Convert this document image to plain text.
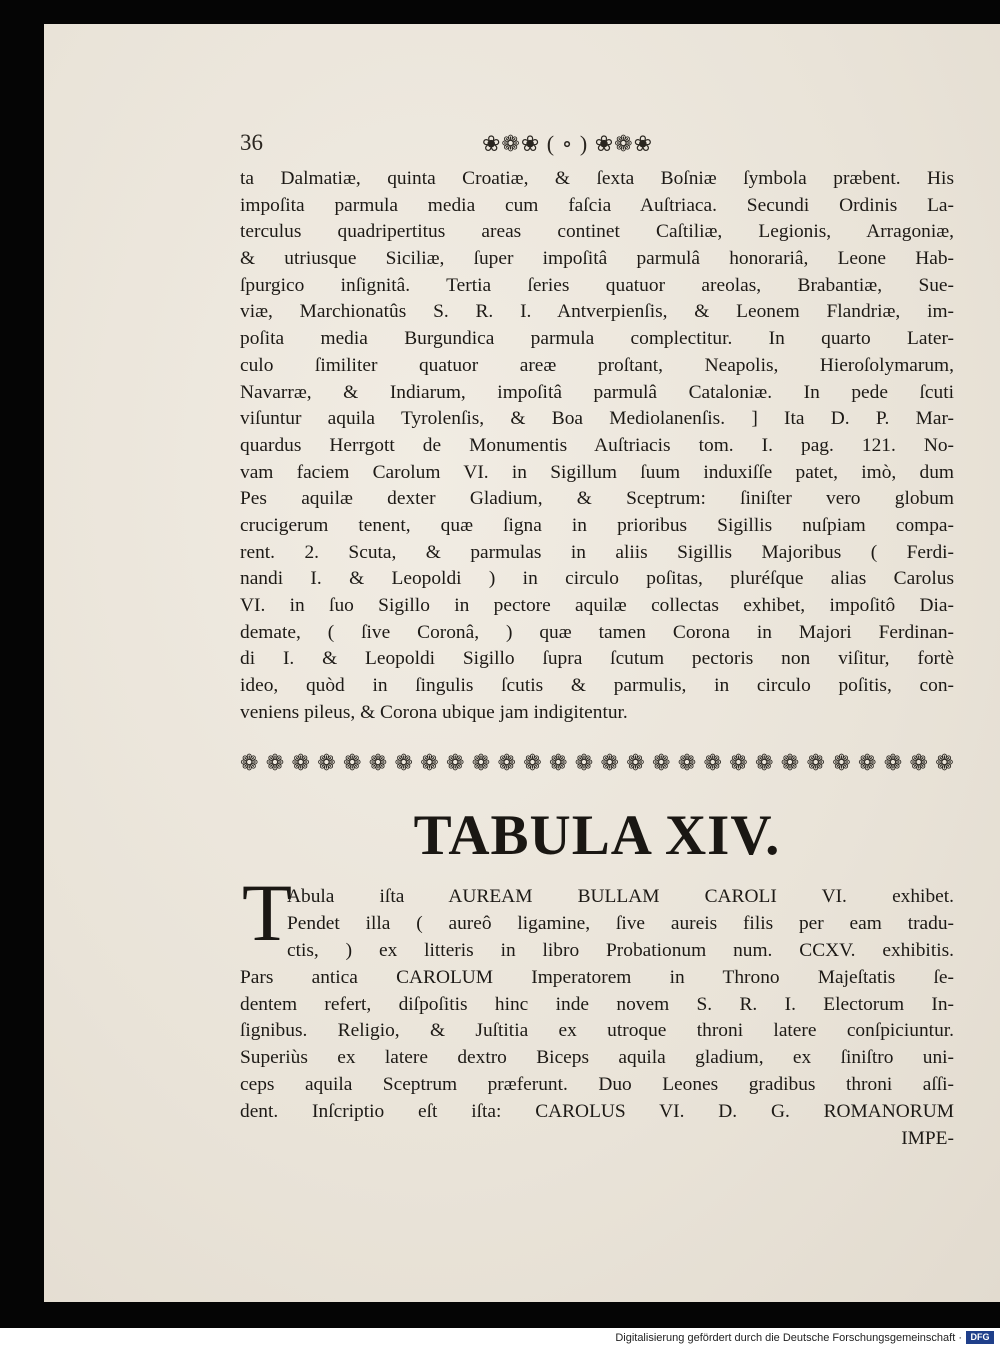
36	❀❁❀ ( ∘ ) ❀❁❀
ta Dalmatiæ, quinta Croatiæ, & ſexta Boſniæ ſymbola præbent. His
impoſita parmula media cum faſcia Auſtriaca. Secundi Ordinis La-
terculus quadripertitus areas continet Caſtiliæ, Legionis, Arragoniæ,
& utriusque Siciliæ, ſuper impoſitâ parmulâ honorariâ, Leone Hab-
ſpurgico inſignitâ. Tertia ſeries quatuor areolas, Brabantiæ, Sue-
viæ, Marchionatûs S. R. I. Antverpienſis, & Leonem Flandriæ, im-
poſita media Burgundica parmula complectitur. In quarto Later-
culo ſimiliter quatuor areæ proſtant, Neapolis, Hieroſolymarum,
Navarræ, & Indiarum, impoſitâ parmulâ Cataloniæ. In pede ſcuti
viſuntur aquila Tyrolenſis, & Boa Mediolanenſis. ] Ita D. P. Mar-
quardus Herrgott de Monumentis Auſtriacis tom. I. pag. 121. No-
vam faciem Carolum VI. in Sigillum ſuum induxiſſe patet, imò, dum
Pes aquilæ dexter Gladium, & Sceptrum: ſiniſter vero globum
crucigerum tenent, quæ ſigna in prioribus Sigillis nuſpiam compa-
rent. 2. Scuta, & parmulas in aliis Sigillis Majoribus ( Ferdi-
nandi I. & Leopoldi ) in circulo poſitas, pluréſque alias Carolus
VI. in ſuo Sigillo in pectore aquilæ collectas exhibet, impoſitô Dia-
demate, ( ſive Coronâ, ) quæ tamen Corona in Majori Ferdinan-
di I. & Leopoldi Sigillo ſupra ſcutum pectoris non viſitur, fortè
ideo, quòd in ſingulis ſcutis & parmulis, in circulo poſitis, con-
veniens pileus, & Corona ubique jam indigitentur.
❁ ❁ ❁ ❁ ❁ ❁ ❁ ❁ ❁ ❁ ❁ ❁ ❁ ❁ ❁ ❁ ❁ ❁ ❁ ❁ ❁ ❁ ❁ ❁ ❁ ❁ ❁ ❁
TABULA XIV.
T
Abula iſta AUREAM BULLAM CAROLI VI. exhibet.
Pendet illa ( aureô ligamine, ſive aureis filis per eam tradu-
ctis, ) ex litteris in libro Probationum num. CCXV. exhibitis.
Pars antica CAROLUM Imperatorem in Throno Majeſtatis ſe-
dentem refert, diſpoſitis hinc inde novem S. R. I. Electorum In-
ſignibus. Religio, & Juſtitia ex utroque throni latere conſpiciuntur.
Superiùs ex latere dextro Biceps aquila gladium, ex ſiniſtro uni-
ceps aquila Sceptrum præferunt. Duo Leones gradibus throni aſſi-
dent. Inſcriptio eſt iſta: CAROLUS VI. D. G. ROMANORUM
IMPE-
Digitalisierung gefördert durch die Deutsche Forschungsgemeinschaft · DFG
